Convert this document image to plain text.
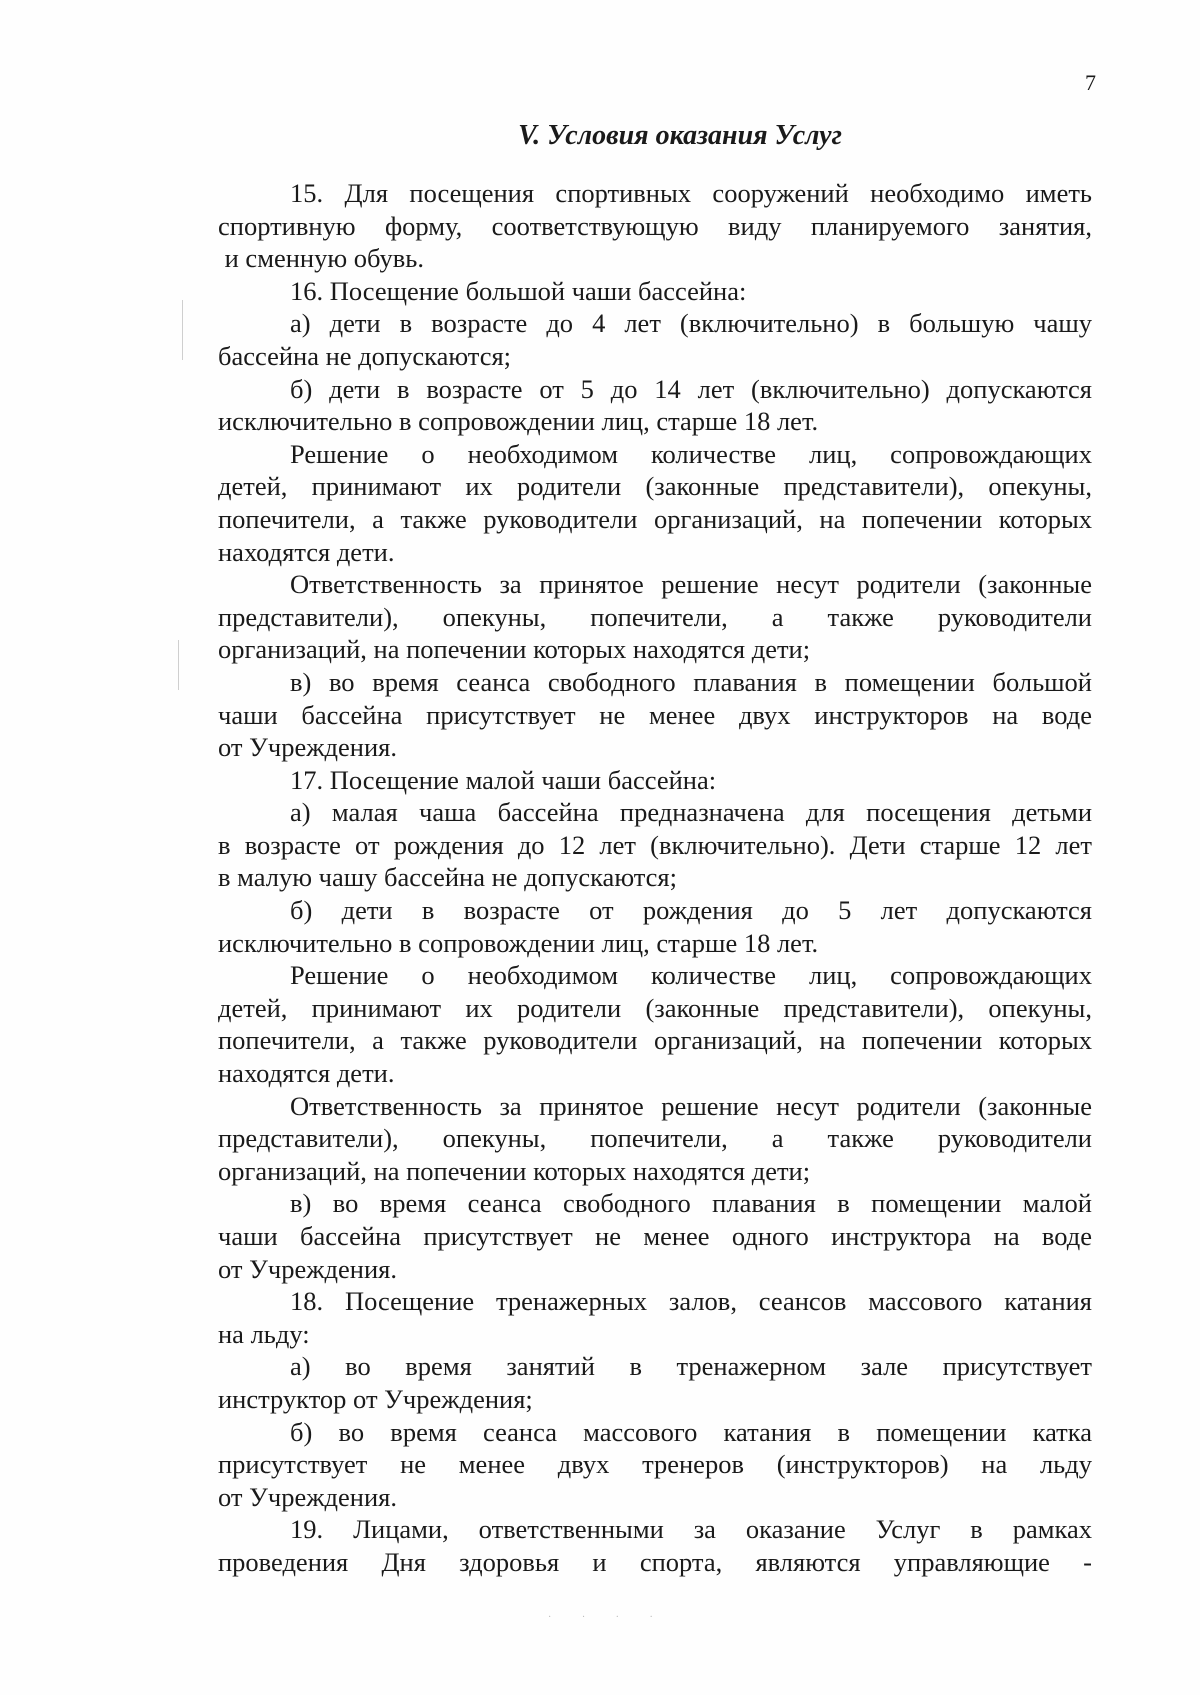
7
V. Условия оказания Услуг
15. Для посещения спортивных сооружений необходимо иметь
спортивную форму, соответствующую виду планируемого занятия,
и сменную обувь.
16. Посещение большой чаши бассейна:
а) дети в возрасте до 4 лет (включительно) в большую чашу
бассейна не допускаются;
б) дети в возрасте от 5 до 14 лет (включительно) допускаются
исключительно в сопровождении лиц, старше 18 лет.
Решение о необходимом количестве лиц, сопровождающих
детей, принимают их родители (законные представители), опекуны,
попечители, а также руководители организаций, на попечении которых
находятся дети.
Ответственность за принятое решение несут родители (законные
представители), опекуны, попечители, а также руководители
организаций, на попечении которых находятся дети;
в) во время сеанса свободного плавания в помещении большой
чаши бассейна присутствует не менее двух инструкторов на воде
от Учреждения.
17. Посещение малой чаши бассейна:
а) малая чаша бассейна предназначена для посещения детьми
в возрасте от рождения до 12 лет (включительно). Дети старше 12 лет
в малую чашу бассейна не допускаются;
б) дети в возрасте от рождения до 5 лет допускаются
исключительно в сопровождении лиц, старше 18 лет.
Решение о необходимом количестве лиц, сопровождающих
детей, принимают их родители (законные представители), опекуны,
попечители, а также руководители организаций, на попечении которых
находятся дети.
Ответственность за принятое решение несут родители (законные
представители), опекуны, попечители, а также руководители
организаций, на попечении которых находятся дети;
в) во время сеанса свободного плавания в помещении малой
чаши бассейна присутствует не менее одного инструктора на воде
от Учреждения.
18. Посещение тренажерных залов, сеансов массового катания
на льду:
а) во время занятий в тренажерном зале присутствует
инструктор от Учреждения;
б) во время сеанса массового катания в помещении катка
присутствует не менее двух тренеров (инструкторов) на льду
от Учреждения.
19. Лицами, ответственными за оказание Услуг в рамках
проведения Дня здоровья и спорта, являются управляющие -
· · · ·
